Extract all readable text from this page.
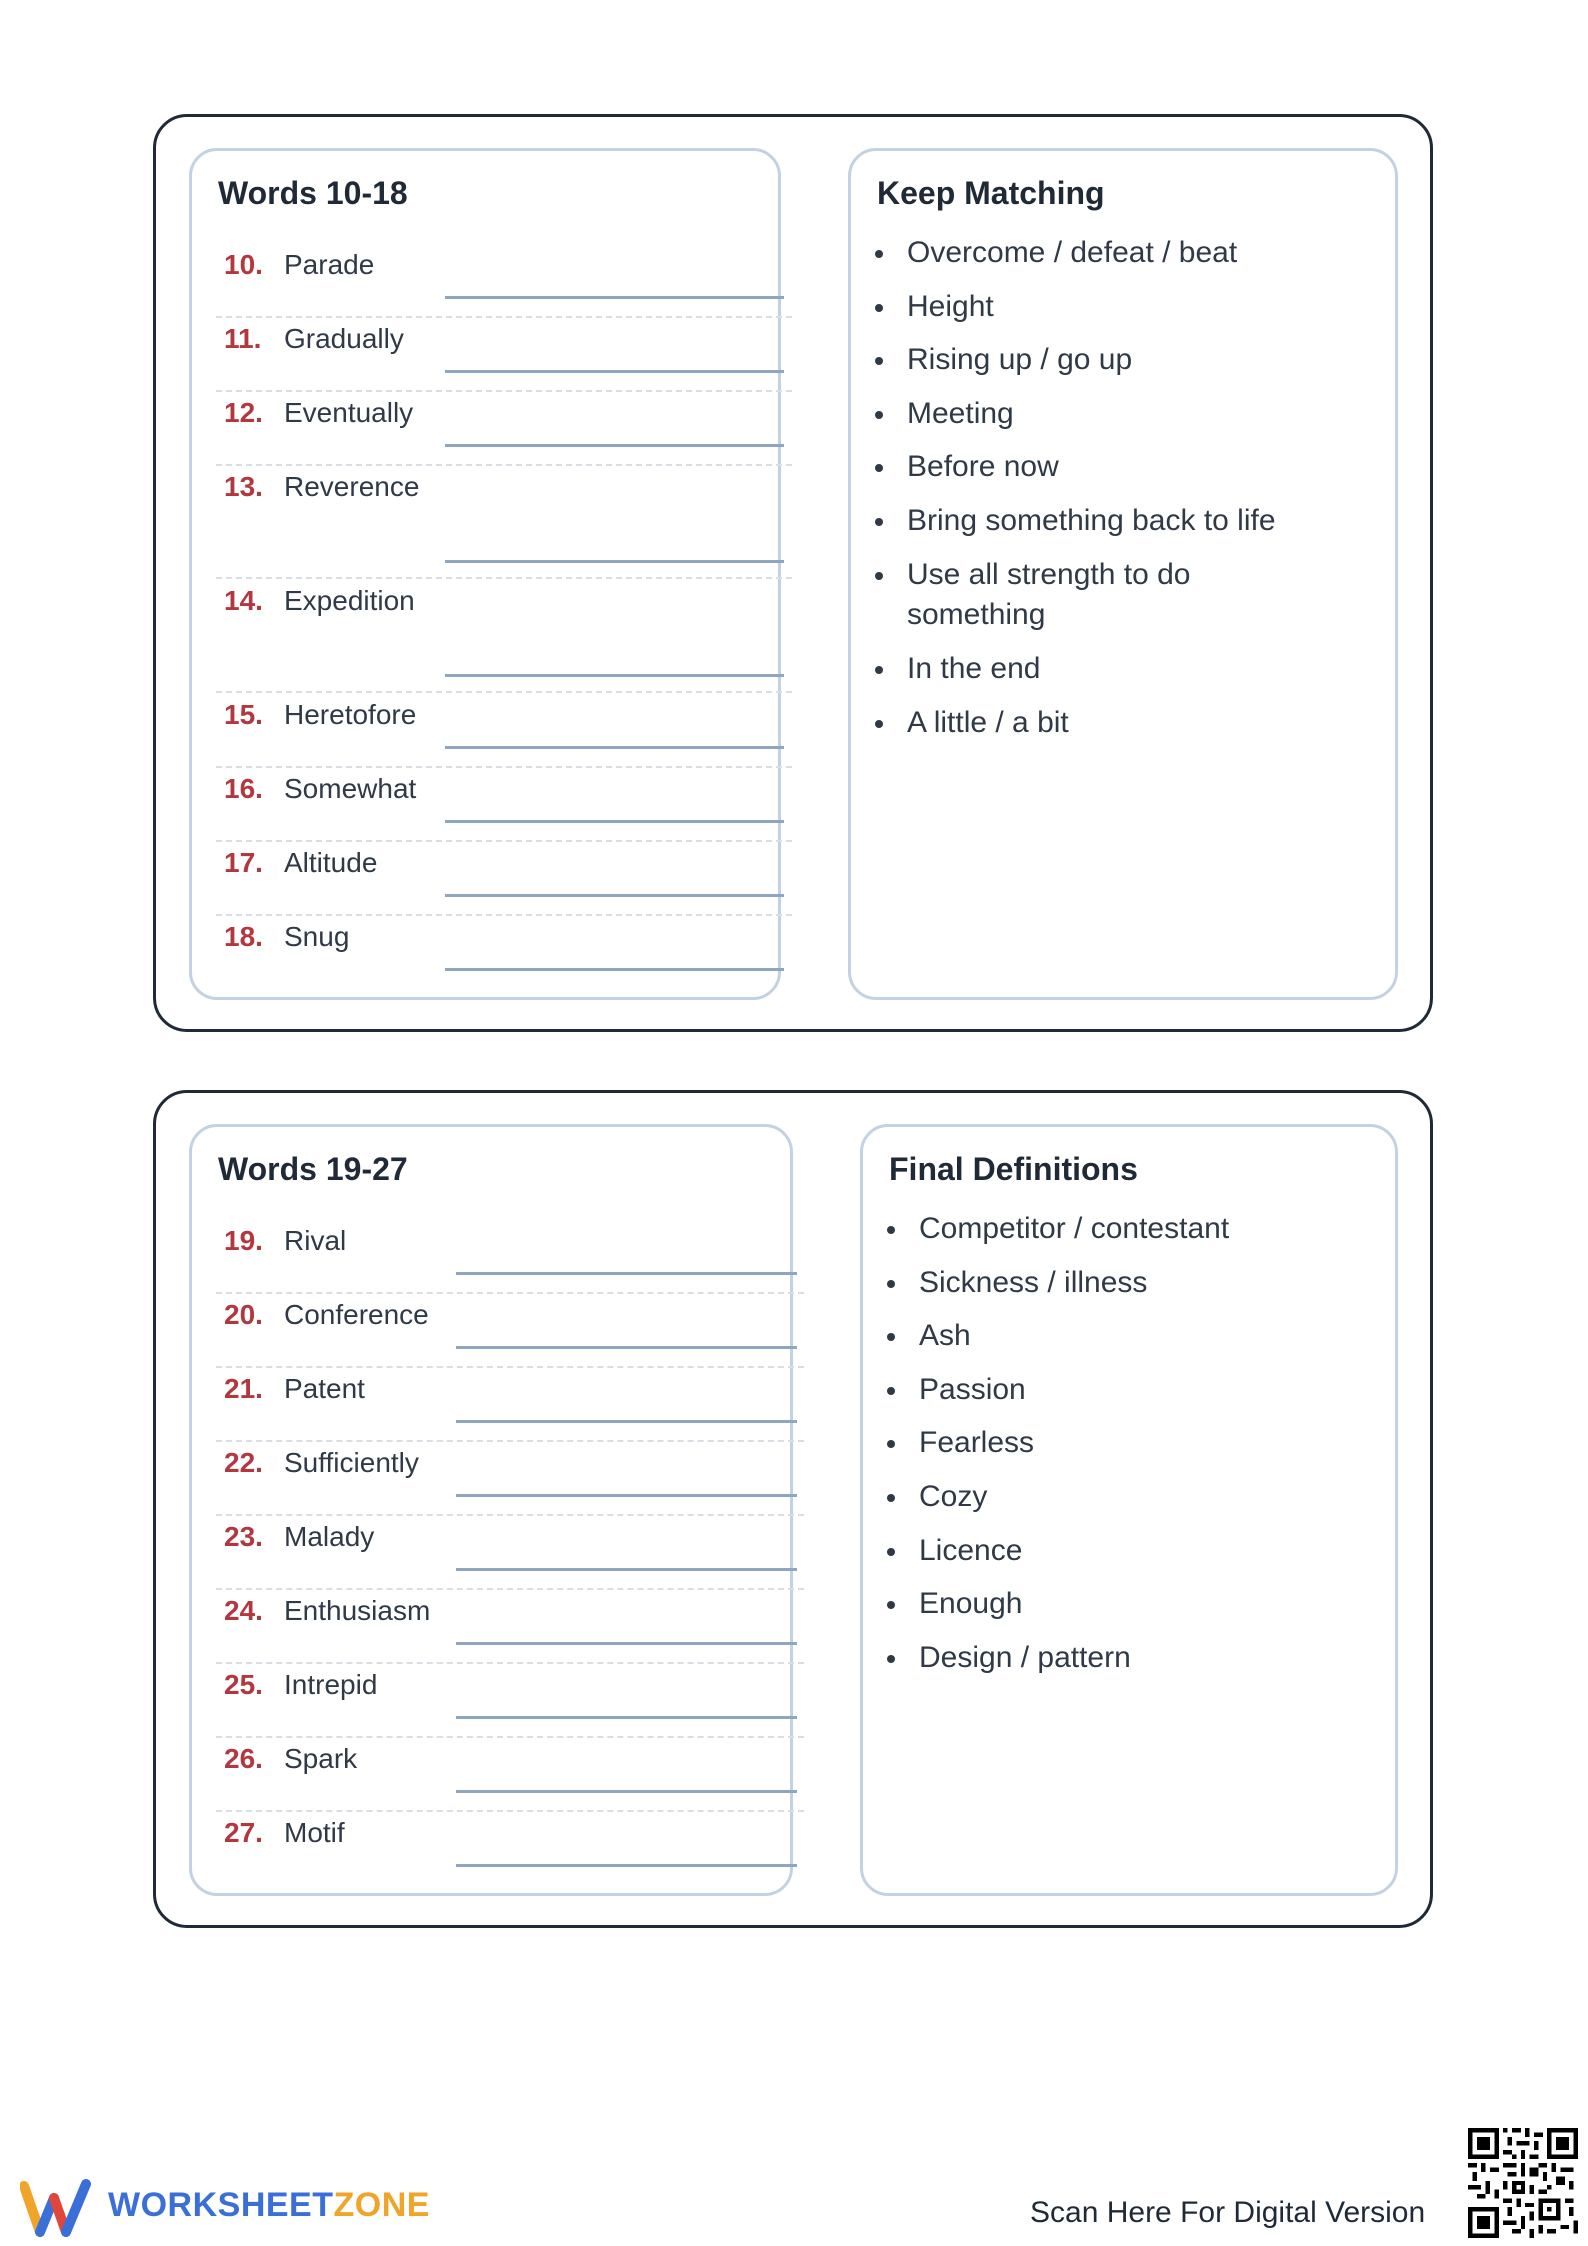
Words 10-18
10. Parade
11. Gradually
12. Eventually
13. Reverence
14. Expedition
15. Heretofore
16. Somewhat
17. Altitude
18. Snug
Keep Matching
Overcome / defeat / beat
Height
Rising up / go up
Meeting
Before now
Bring something back to life
Use all strength to do something
In the end
A little / a bit
Words 19-27
19. Rival
20. Conference
21. Patent
22. Sufficiently
23. Malady
24. Enthusiasm
25. Intrepid
26. Spark
27. Motif
Final Definitions
Competitor / contestant
Sickness / illness
Ash
Passion
Fearless
Cozy
Licence
Enough
Design / pattern
WORKSHEETZONE	Scan Here For Digital Version
